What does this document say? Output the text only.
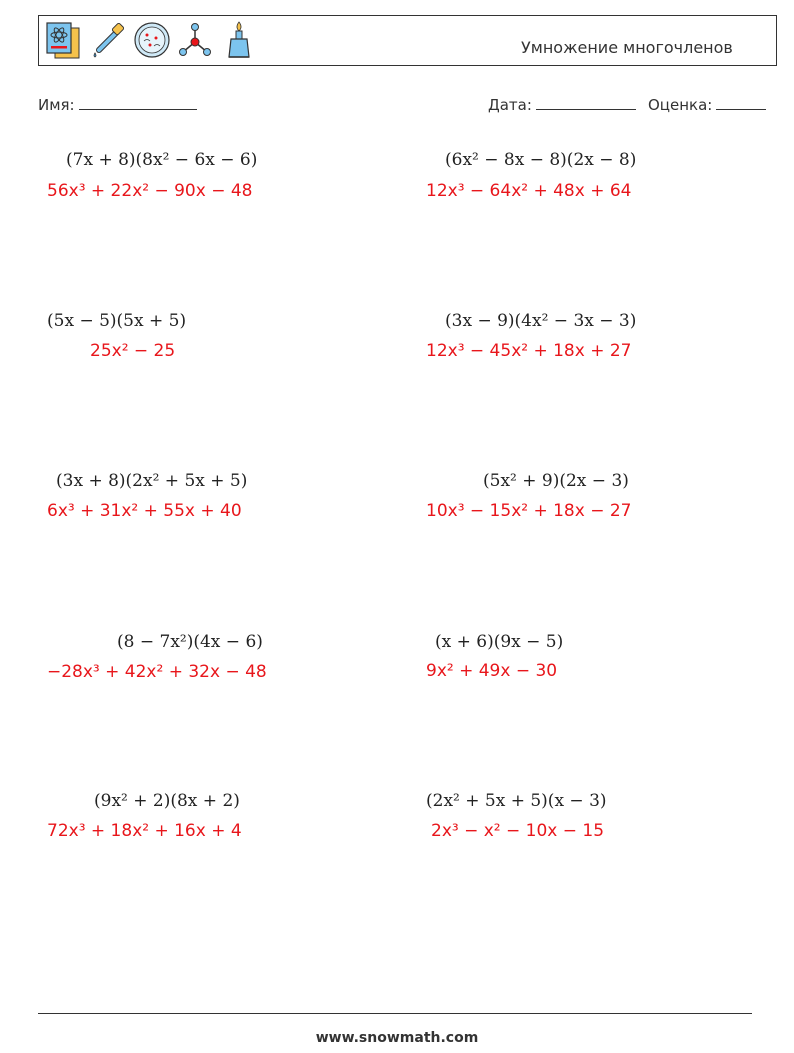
Умножение многочленов
Имя:	Дата:	Оценка:
(7x + 8)(8x² − 6x − 6)
56x³ + 22x² − 90x − 48
(6x² − 8x − 8)(2x − 8)
12x³ − 64x² + 48x + 64
(5x − 5)(5x + 5)
25x² − 25
(3x − 9)(4x² − 3x − 3)
12x³ − 45x² + 18x + 27
(3x + 8)(2x² + 5x + 5)
6x³ + 31x² + 55x + 40
(5x² + 9)(2x − 3)
10x³ − 15x² + 18x − 27
(8 − 7x²)(4x − 6)
−28x³ + 42x² + 32x − 48
(x + 6)(9x − 5)
9x² + 49x − 30
(9x² + 2)(8x + 2)
72x³ + 18x² + 16x + 4
(2x² + 5x + 5)(x − 3)
2x³ − x² − 10x − 15
www.snowmath.com
